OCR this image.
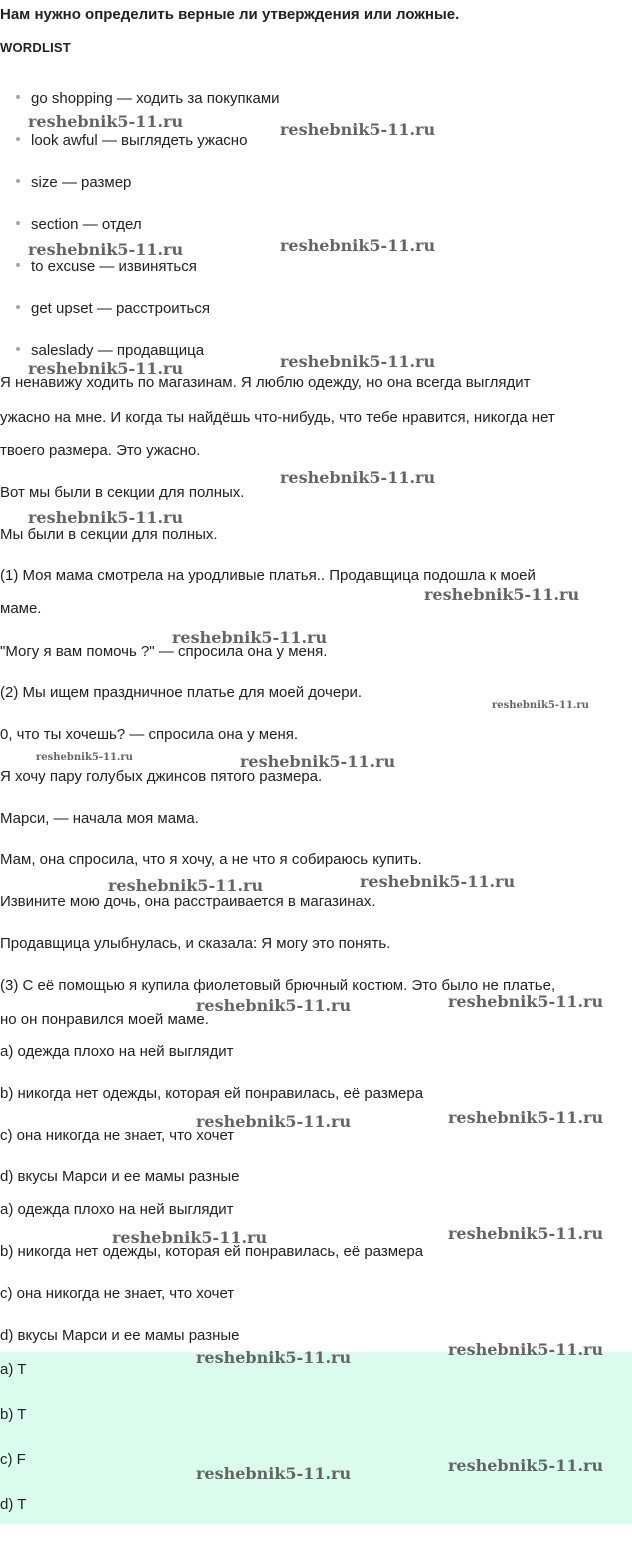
Нам нужно определить верные ли утверждения или ложные.
WORDLIST
go shopping — ходить за покупками
look awful — выглядеть ужасно
size — размер
section — отдел
to excuse — извиняться
get upset — расстроиться
saleslady — продавщица
Я ненавижу ходить по магазинам. Я люблю одежду, но она всегда выглядит
ужасно на мне. И когда ты найдёшь что-нибудь, что тебе нравится, никогда нет
твоего размера. Это ужасно.
Вот мы были в секции для полных.
Мы были в секции для полных.
(1) Моя мама смотрела на уродливые платья.. Продавщица подошла к моей
маме.
"Могу я вам помочь ?" — спросила она у меня.
(2) Мы ищем праздничное платье для моей дочери.
0, что ты хочешь? — спросила она у меня.
Я хочу пару голубых джинсов пятого размера.
Марси, — начала моя мама.
Мам, она спросила, что я хочу, а не что я собираюсь купить.
Извините мою дочь, она расстраивается в магазинах.
Продавщица улыбнулась, и сказала: Я могу это понять.
(3) С её помощью я купила фиолетовый брючный костюм. Это было не платье,
но он понравился моей маме.
a) одежда плохо на ней выглядит
b) никогда нет одежды, которая ей понравилась, её размера
c) она никогда не знает, что хочет
d) вкусы Марси и ее мамы разные
a) одежда плохо на ней выглядит
b) никогда нет одежды, которая ей понравилась, её размера
c) она никогда не знает, что хочет
d) вкусы Марси и ее мамы разные
a) T
b) T
c) F
d) T
reshebnik5-11.ru	reshebnik5-11.ru
reshebnik5-11.ru	reshebnik5-11.ru
reshebnik5-11.ru	reshebnik5-11.ru
reshebnik5-11.ru
reshebnik5-11.ru
reshebnik5-11.ru
reshebnik5-11.ru
reshebnik5-11.ru
reshebnik5-11.ru	reshebnik5-11.ru
reshebnik5-11.ru	reshebnik5-11.ru
reshebnik5-11.ru	reshebnik5-11.ru
reshebnik5-11.ru	reshebnik5-11.ru
reshebnik5-11.ru	reshebnik5-11.ru
reshebnik5-11.ru	reshebnik5-11.ru
reshebnik5-11.ru	reshebnik5-11.ru
